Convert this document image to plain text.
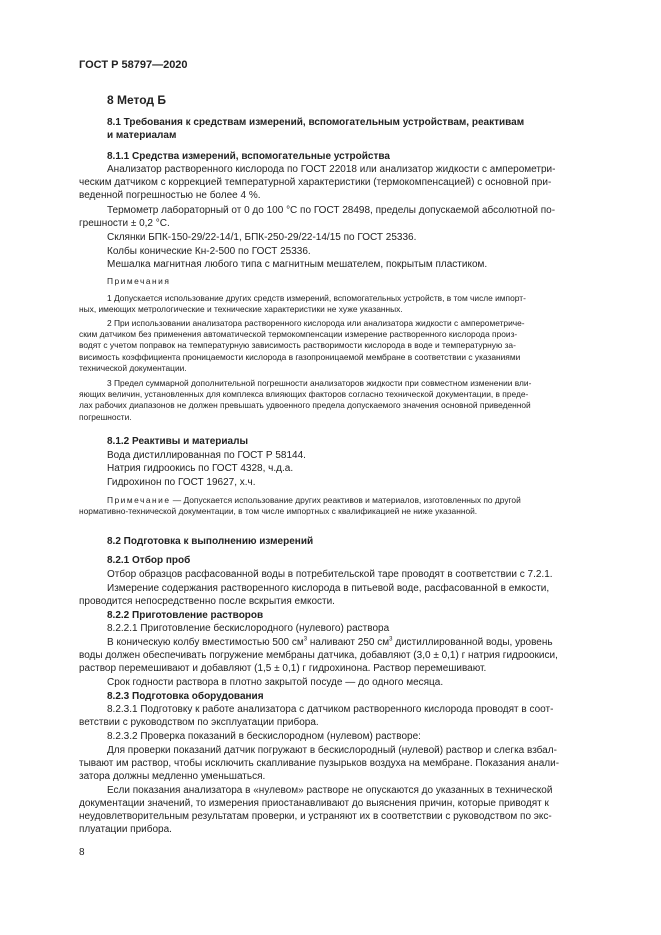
ГОСТ Р 58797—2020
8 Метод Б
8.1 Требования к средствам измерений, вспомогательным устройствам, реактивам
и материалам
8.1.1 Средства измерений, вспомогательные устройства
Анализатор растворенного кислорода по ГОСТ 22018 или анализатор жидкости с амперометри-
ческим датчиком с коррекцией температурной характеристики (термокомпенсацией) с основной при-
веденной погрешностью не более 4 %.
Термометр лабораторный от 0 до 100 °С по ГОСТ 28498, пределы допускаемой абсолютной по-
грешности ± 0,2 °С.
Склянки БПК-150-29/22-14/1, БПК-250-29/22-14/15 по ГОСТ 25336.
Колбы конические Кн-2-500 по ГОСТ 25336.
Мешалка магнитная любого типа с магнитным мешателем, покрытым пластиком.
Примечания
1 Допускается использование других средств измерений, вспомогательных устройств, в том числе импорт-
ных, имеющих метрологические и технические характеристики не хуже указанных.
2 При использовании анализатора растворенного кислорода или анализатора жидкости с амперометриче-
ским датчиком без применения автоматической термокомпенсации измерение растворенного кислорода произ-
водят с учетом поправок на температурную зависимость растворимости кислорода в воде и температурную за-
висимость коэффициента проницаемости кислорода в газопроницаемой мембране в соответствии с указаниями
технической документации.
3 Предел суммарной дополнительной погрешности анализаторов жидкости при совместном изменении вли-
яющих величин, установленных для комплекса влияющих факторов согласно технической документации, в преде-
лах рабочих диапазонов не должен превышать удвоенного предела допускаемого значения основной приведенной
погрешности.
8.1.2 Реактивы и материалы
Вода дистиллированная по ГОСТ Р 58144.
Натрия гидроокись по ГОСТ 4328, ч.д.а.
Гидрохинон по ГОСТ 19627, х.ч.
Примечание — Допускается использование других реактивов и материалов, изготовленных по другой
нормативно-технической документации, в том числе импортных с квалификацией не ниже указанной.
8.2 Подготовка к выполнению измерений
8.2.1 Отбор проб
Отбор образцов расфасованной воды в потребительской таре проводят в соответствии с 7.2.1.
Измерение содержания растворенного кислорода в питьевой воде, расфасованной в емкости,
проводится непосредственно после вскрытия емкости.
8.2.2 Приготовление растворов
8.2.2.1 Приготовление бескислородного (нулевого) раствора
В коническую колбу вместимостью 500 $см^3$ наливают 250 $см^3$ дистиллированной воды, уровень
воды должен обеспечивать погружение мембраны датчика, добавляют (3,0 ± 0,1) г натрия гидроокиси,
раствор перемешивают и добавляют (1,5 ± 0,1) г гидрохинона. Раствор перемешивают.
Срок годности раствора в плотно закрытой посуде — до одного месяца.
8.2.3 Подготовка оборудования
8.2.3.1 Подготовку к работе анализатора с датчиком растворенного кислорода проводят в соот-
ветствии с руководством по эксплуатации прибора.
8.2.3.2 Проверка показаний в бескислородном (нулевом) растворе:
Для проверки показаний датчик погружают в бескислородный (нулевой) раствор и слегка взбал-
тывают им раствор, чтобы исключить скапливание пузырьков воздуха на мембране. Показания анали-
затора должны медленно уменьшаться.
Если показания анализатора в «нулевом» растворе не опускаются до указанных в технической
документации значений, то измерения приостанавливают до выяснения причин, которые приводят к
неудовлетворительным результатам проверки, и устраняют их в соответствии с руководством по экс-
плуатации прибора.
8
